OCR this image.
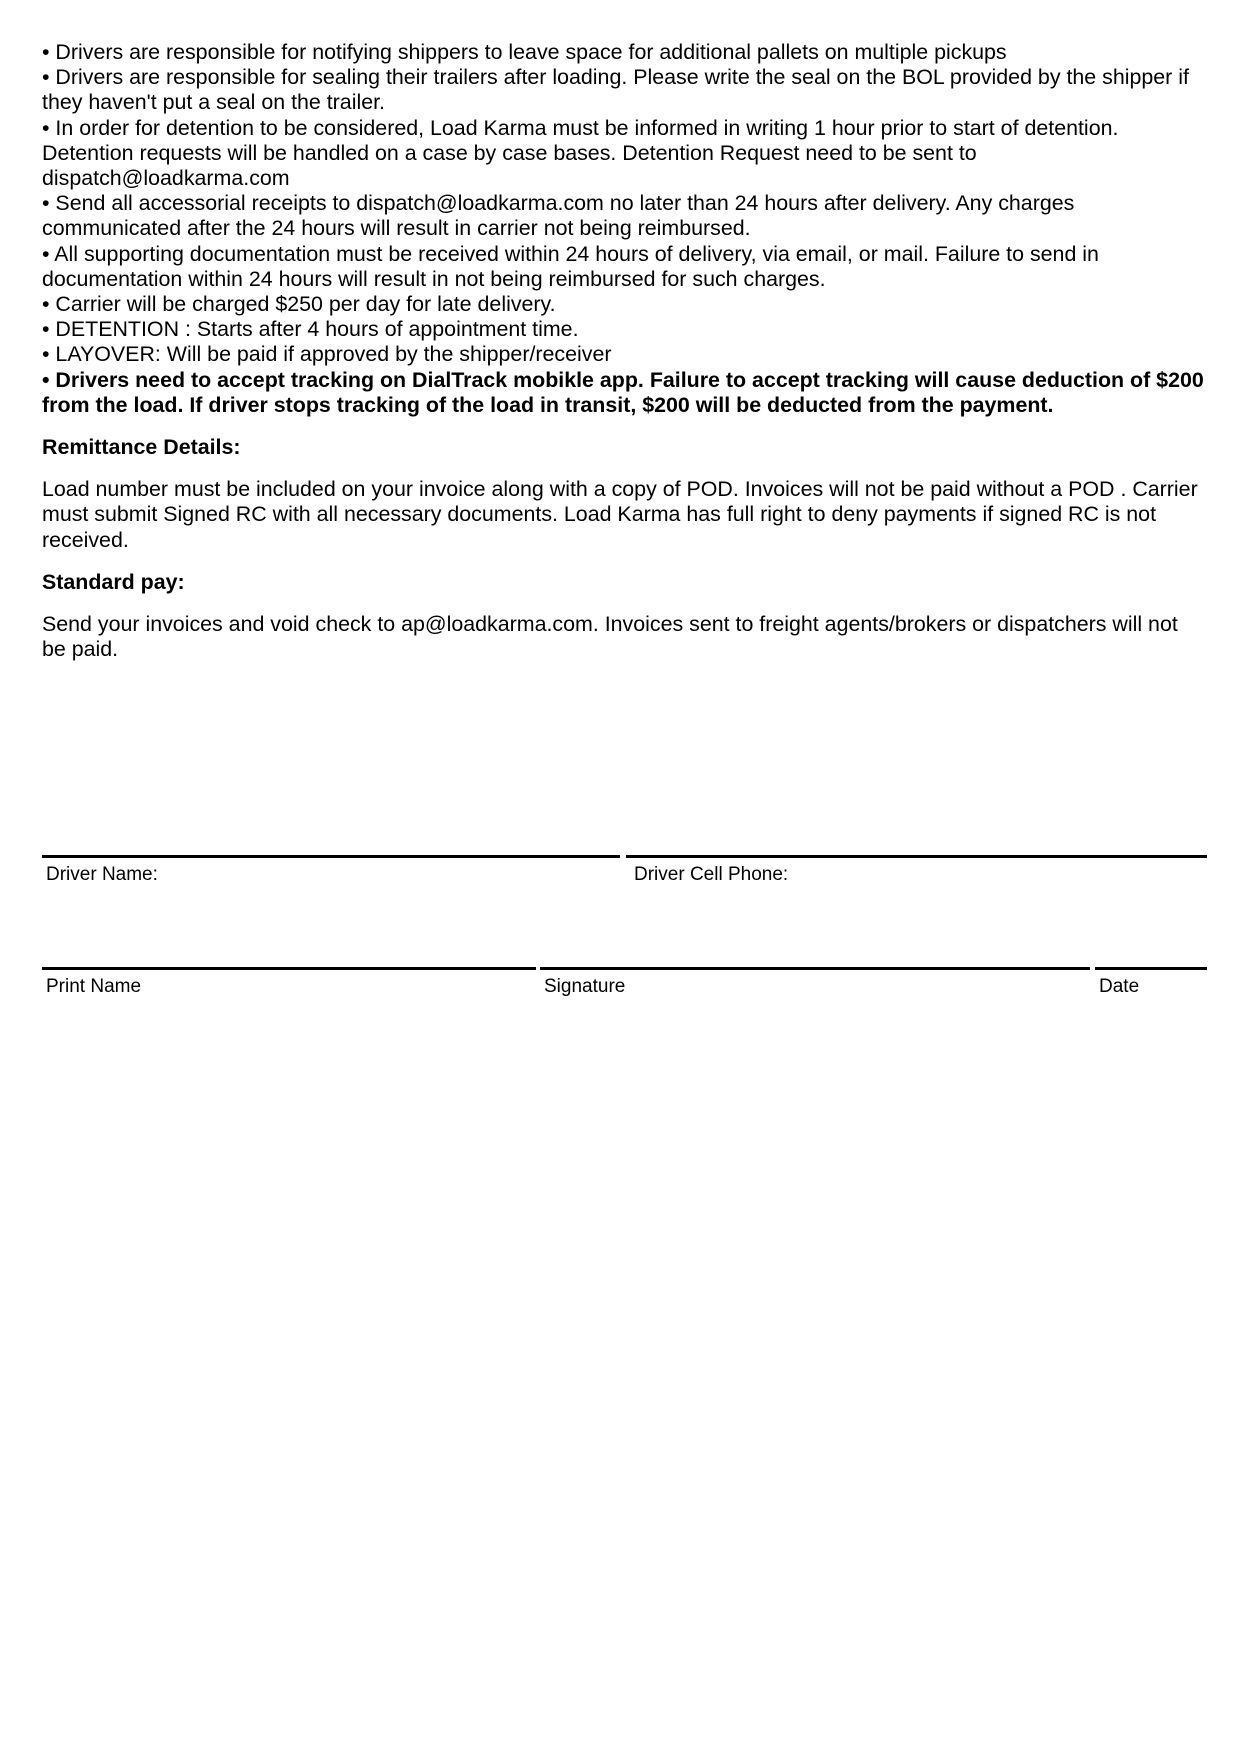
• Drivers are responsible for notifying shippers to leave space for additional pallets on multiple pickups
• Drivers are responsible for sealing their trailers after loading. Please write the seal on the BOL provided by the shipper if they haven't put a seal on the trailer.
• In order for detention to be considered, Load Karma must be informed in writing 1 hour prior to start of detention. Detention requests will be handled on a case by case bases. Detention Request need to be sent to dispatch@loadkarma.com
• Send all accessorial receipts to dispatch@loadkarma.com no later than 24 hours after delivery. Any charges communicated after the 24 hours will result in carrier not being reimbursed.
• All supporting documentation must be received within 24 hours of delivery, via email, or mail. Failure to send in documentation within 24 hours will result in not being reimbursed for such charges.
• Carrier will be charged $250 per day for late delivery.
• DETENTION : Starts after 4 hours of appointment time.
• LAYOVER: Will be paid if approved by the shipper/receiver
• Drivers need to accept tracking on DialTrack mobikle app. Failure to accept tracking will cause deduction of $200 from the load. If driver stops tracking of the load in transit, $200 will be deducted from the payment.
Remittance Details:
Load number must be included on your invoice along with a copy of POD. Invoices will not be paid without a POD . Carrier must submit Signed RC with all necessary documents. Load Karma has full right to deny payments if signed RC is not received.
Standard pay:
Send your invoices and void check to ap@loadkarma.com. Invoices sent to freight agents/brokers or dispatchers will not be paid.
Driver Name:	Driver Cell Phone:
Print Name	Signature	Date
